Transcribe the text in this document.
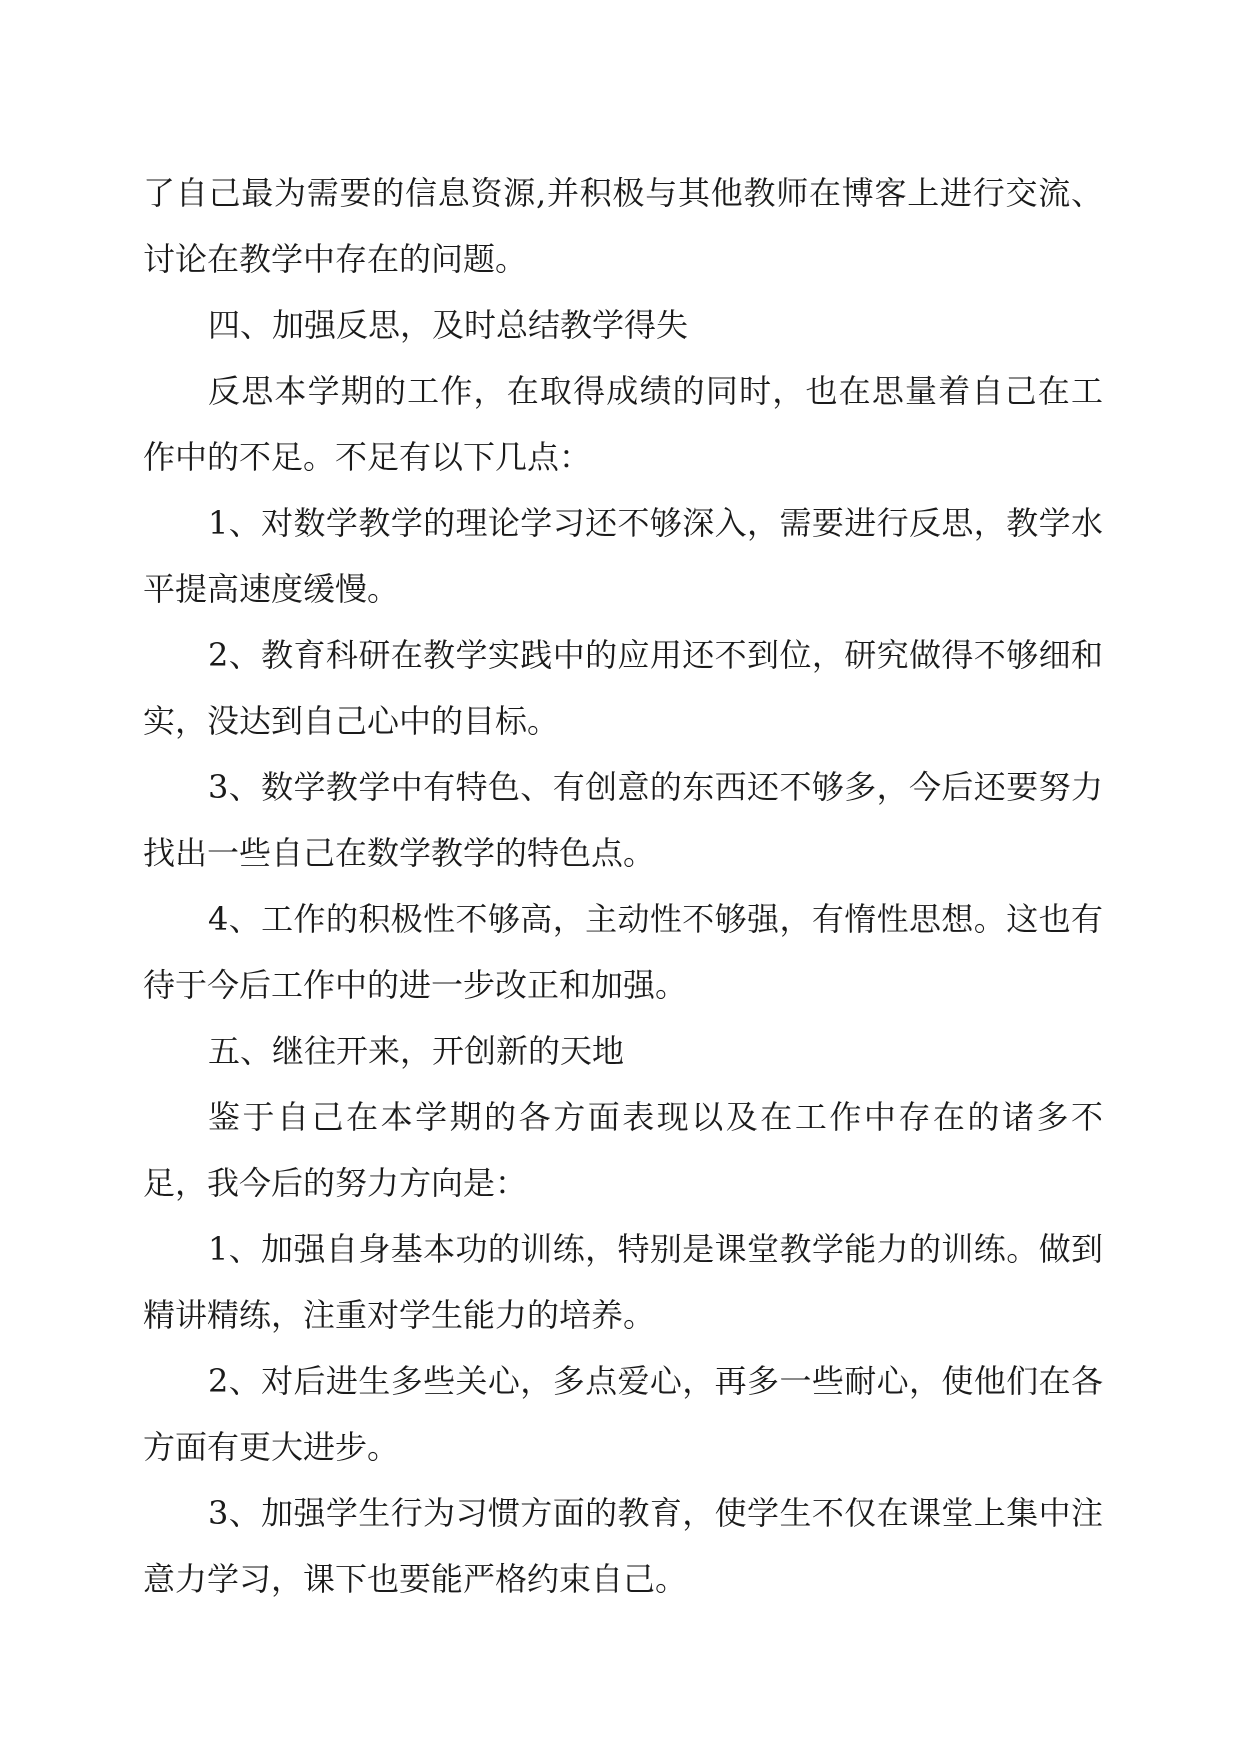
了自己最为需要的信息资源,并积极与其他教师在博客上进行交流、讨论在教学中存在的问题。

四、加强反思，及时总结教学得失

反思本学期的工作，在取得成绩的同时，也在思量着自己在工作中的不足。不足有以下几点：

1、对数学教学的理论学习还不够深入，需要进行反思，教学水平提高速度缓慢。

2、教育科研在教学实践中的应用还不到位，研究做得不够细和实，没达到自己心中的目标。

3、数学教学中有特色、有创意的东西还不够多，今后还要努力找出一些自己在数学教学的特色点。

4、工作的积极性不够高，主动性不够强，有惰性思想。这也有待于今后工作中的进一步改正和加强。

五、继往开来，开创新的天地

鉴于自己在本学期的各方面表现以及在工作中存在的诸多不足，我今后的努力方向是：

1、加强自身基本功的训练，特别是课堂教学能力的训练。做到精讲精练，注重对学生能力的培养。

2、对后进生多些关心，多点爱心，再多一些耐心，使他们在各方面有更大进步。

3、加强学生行为习惯方面的教育，使学生不仅在课堂上集中注意力学习，课下也要能严格约束自己。
